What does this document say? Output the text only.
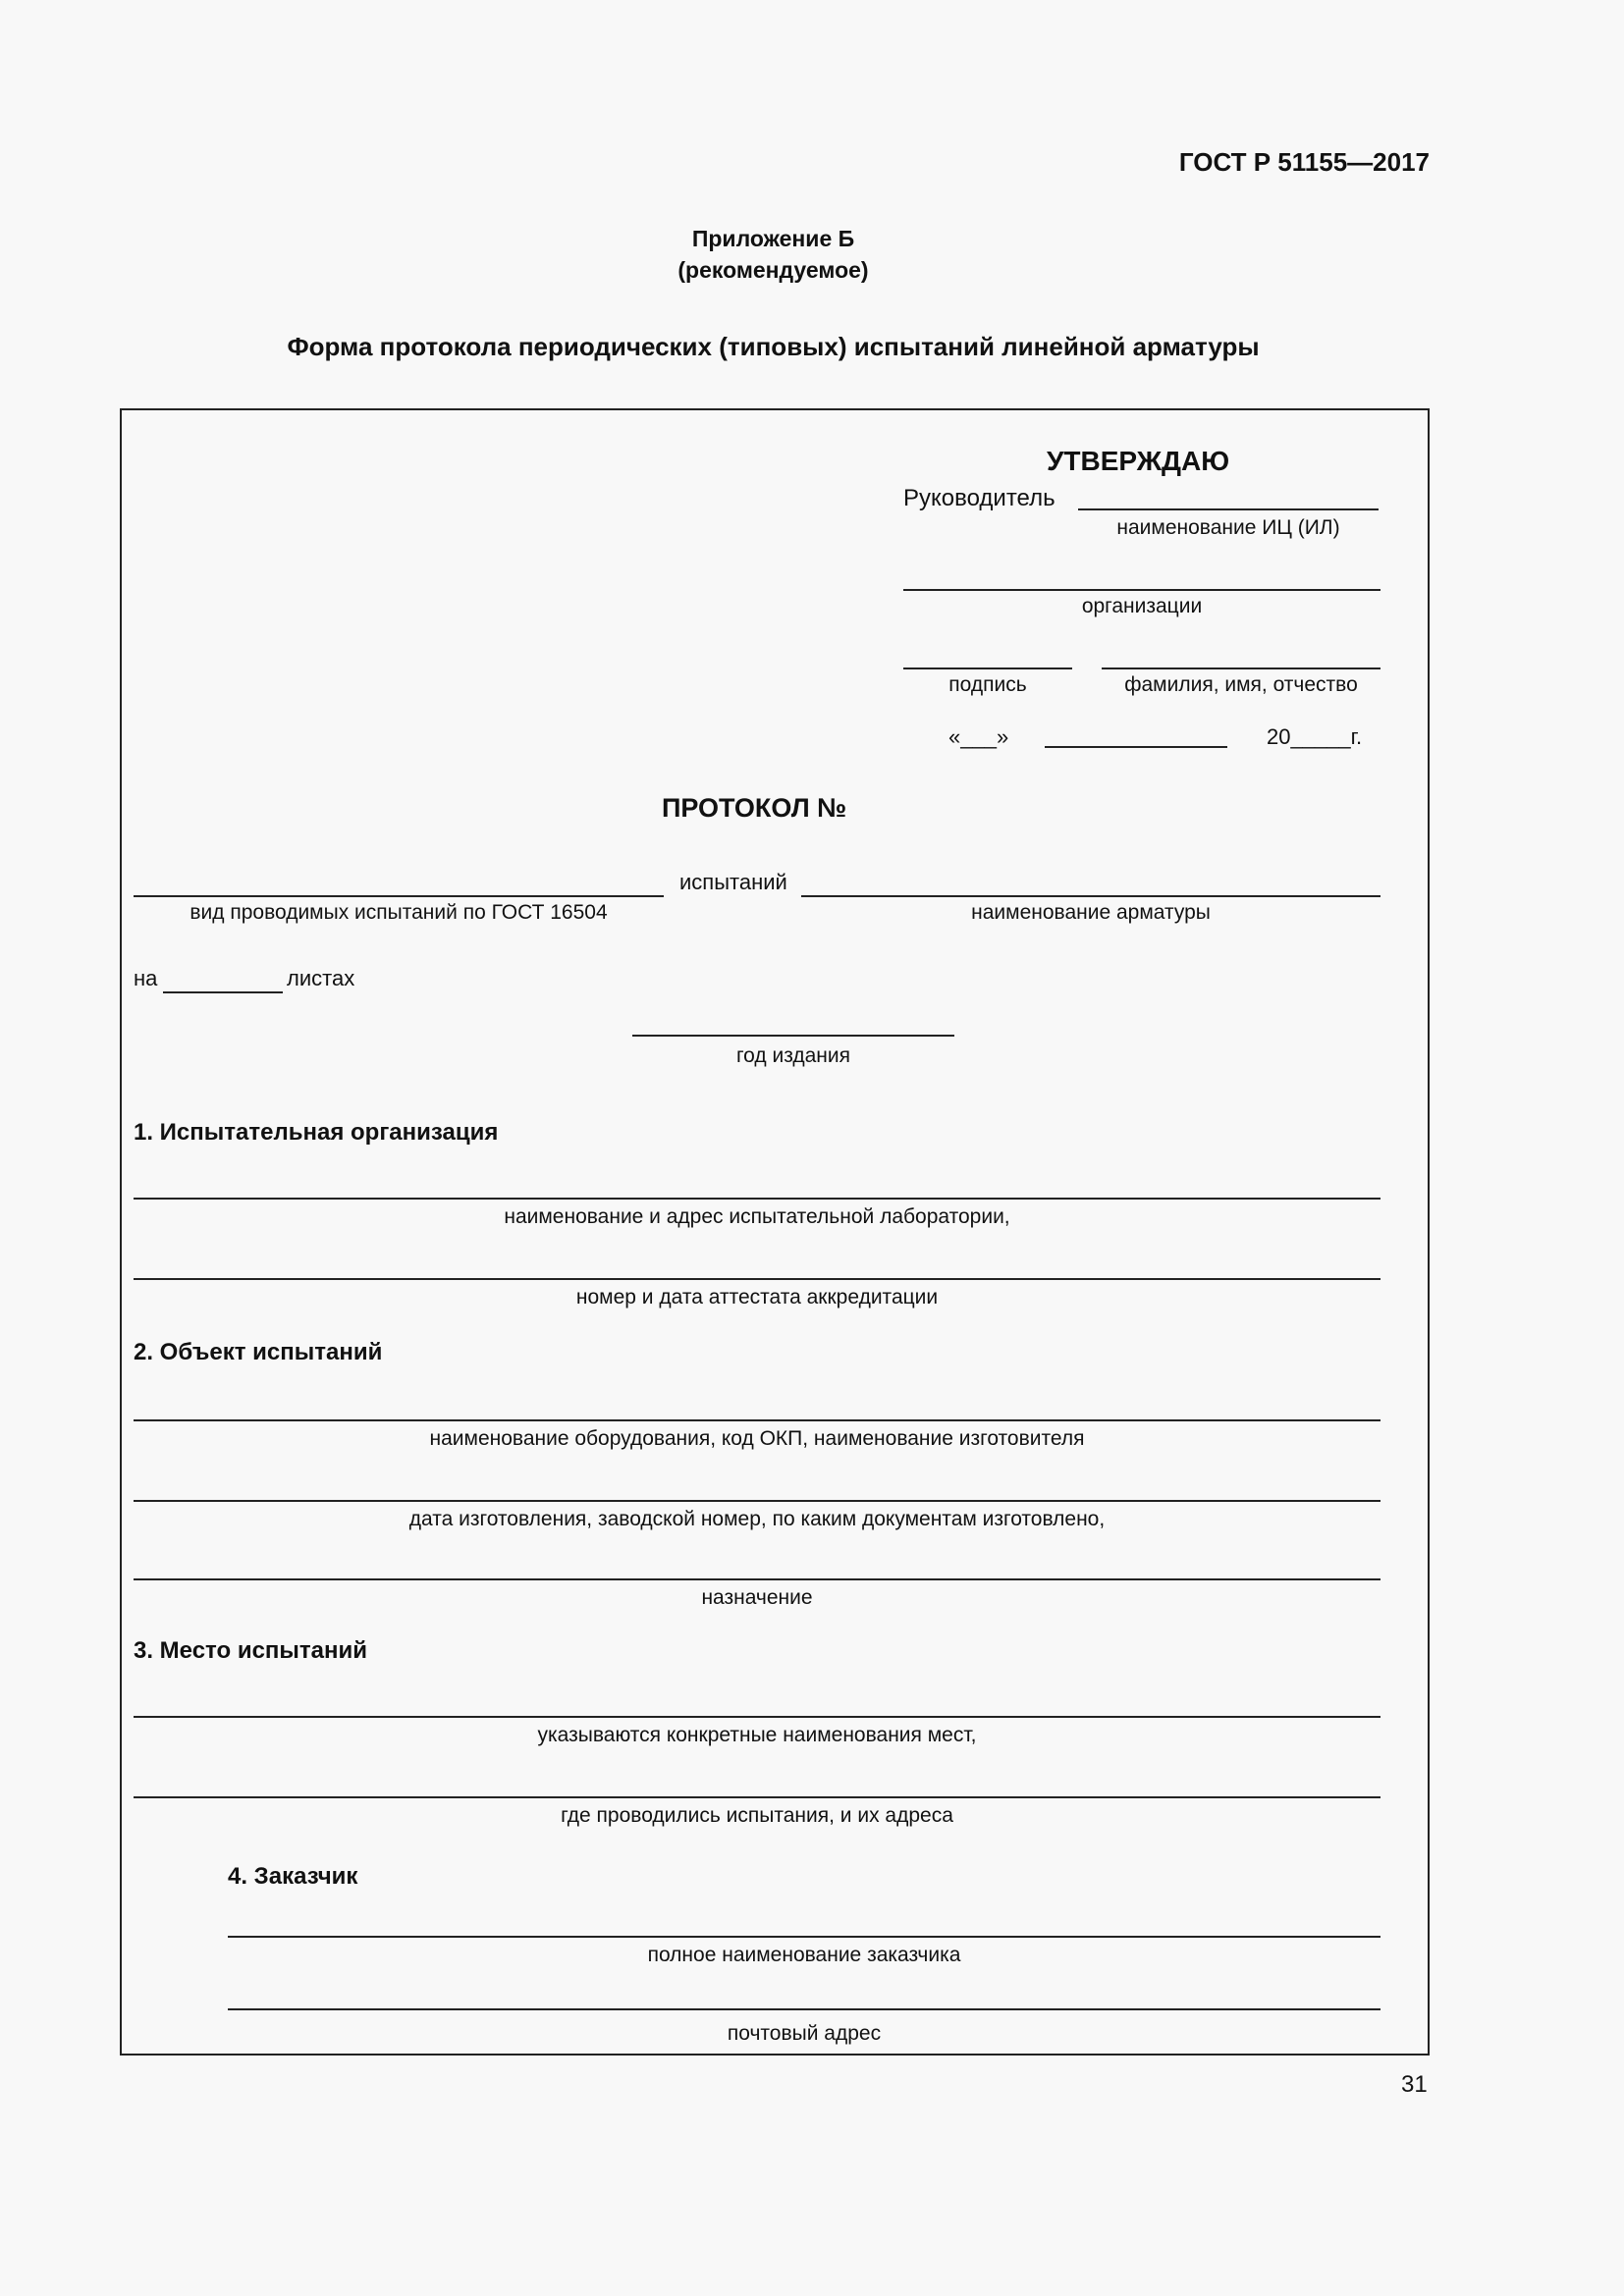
ГОСТ Р 51155—2017
Приложение Б
(рекомендуемое)
Форма протокола периодических (типовых) испытаний линейной арматуры
УТВЕРЖДАЮ
Руководитель
наименование ИЦ (ИЛ)
организации
подпись	фамилия, имя, отчество
«___»	20_____г.
ПРОТОКОЛ №
испытаний
вид проводимых испытаний по ГОСТ 16504	наименование арматуры
на	листах
год издания
1. Испытательная организация
наименование и адрес испытательной лаборатории,
номер и дата аттестата аккредитации
2. Объект испытаний
наименование оборудования, код ОКП, наименование изготовителя
дата изготовления, заводской номер, по каким документам изготовлено,
назначение
3. Место испытаний
указываются конкретные наименования мест,
где проводились испытания, и их адреса
4. Заказчик
полное наименование заказчика
почтовый адрес
31
